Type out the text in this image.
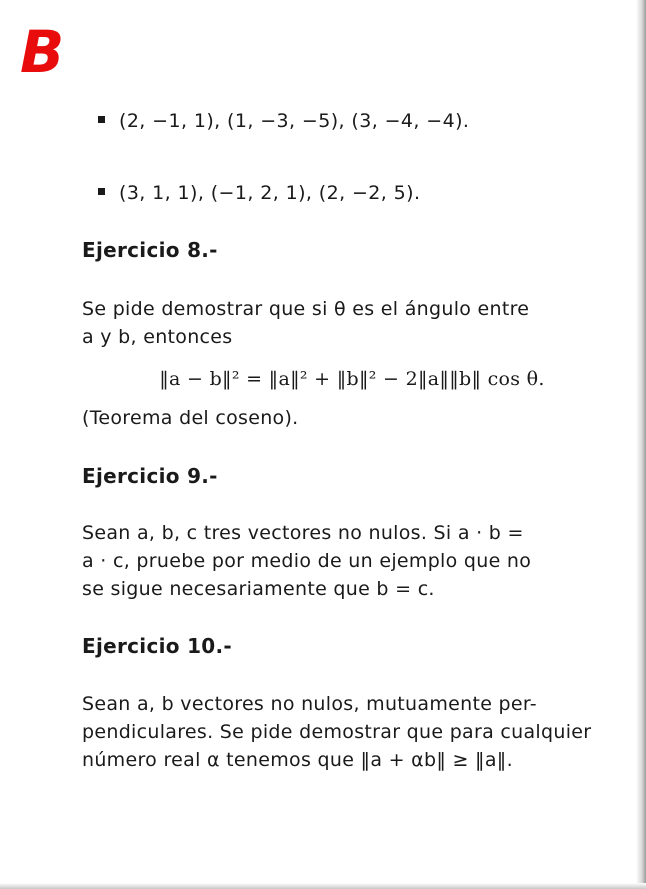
B
(2, −1, 1), (1, −3, −5), (3, −4, −4).
(3, 1, 1), (−1, 2, 1), (2, −2, 5).
Ejercicio 8.-
Se pide demostrar que si θ es el ángulo entre
a y b, entonces
‖a − b‖² = ‖a‖² + ‖b‖² − 2‖a‖‖b‖ cos θ.
(Teorema del coseno).
Ejercicio 9.-
Sean a, b, c tres vectores no nulos. Si a · b =
a · c, pruebe por medio de un ejemplo que no
se sigue necesariamente que b = c.
Ejercicio 10.-
Sean a, b vectores no nulos, mutuamente per-
pendiculares. Se pide demostrar que para cualquier
número real α tenemos que ‖a + αb‖ ≥ ‖a‖.
